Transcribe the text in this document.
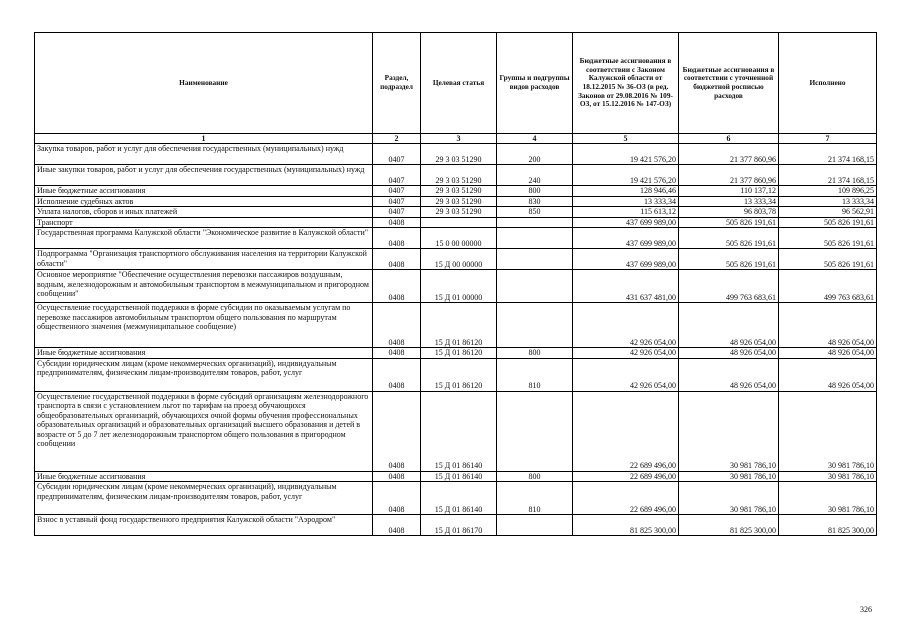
Наименование	Раздел, подраздел	Целевая статья	Группы и подгруппы видов расходов	Бюджетные ассигнования в соответствии с Законом Калужской области от 18.12.2015 № 36-ОЗ (в ред. Законов от 29.08.2016 № 109-ОЗ, от 15.12.2016 № 147-ОЗ)	Бюджетные ассигнования в соответствии с уточненной бюджетной росписью расходов	Исполнено
1	2	3	4	5	6	7
Закупка товаров, работ и услуг для обеспечения государственных (муниципальных) нужд	0407	29 3 03 51290	200	19 421 576,20	21 377 860,96	21 374 168,15
Иные закупки товаров, работ и услуг для обеспечения государственных (муниципальных) нужд	0407	29 3 03 51290	240	19 421 576,20	21 377 860,96	21 374 168,15
Иные бюджетные ассигнования	0407	29 3 03 51290	800	128 946,46	110 137,12	109 896,25
Исполнение судебных актов	0407	29 3 03 51290	830	13 333,34	13 333,34	13 333,34
Уплата налогов, сборов и иных платежей	0407	29 3 03 51290	850	115 613,12	96 803,78	96 562,91
Транспорт	0408			437 699 989,00	505 826 191,61	505 826 191,61
Государственная программа Калужской области "Экономическое развитие в Калужской области"	0408	15 0 00 00000		437 699 989,00	505 826 191,61	505 826 191,61
Подпрограмма "Организация транспортного обслуживания населения на территории Калужской области"	0408	15 Д 00 00000		437 699 989,00	505 826 191,61	505 826 191,61
Основное мероприятие "Обеспечение осуществления перевозки пассажиров воздушным, водным, железнодорожным и автомобильным транспортом в межмуниципальном и пригородном сообщении"	0408	15 Д 01 00000		431 637 481,00	499 763 683,61	499 763 683,61
Осуществление государственной поддержки в форме субсидии по оказываемым услугам по перевозке пассажиров автомобильным транспортом общего пользования по маршрутам общественного значения (межмуниципальное сообщение)	0408	15 Д 01 86120		42 926 054,00	48 926 054,00	48 926 054,00
Иные бюджетные ассигнования	0408	15 Д 01 86120	800	42 926 054,00	48 926 054,00	48 926 054,00
Субсидии юридическим лицам (кроме некоммерческих организаций), индивидуальным предпринимателям, физическим лицам-производителям товаров, работ, услуг	0408	15 Д 01 86120	810	42 926 054,00	48 926 054,00	48 926 054,00
Осуществление государственной поддержки в форме субсидий организациям железнодорожного транспорта в связи с установлением льгот по тарифам на проезд обучающихся общеобразовательных организаций, обучающихся очной формы обучения профессиональных образовательных организаций и образовательных организаций высшего образования и детей в возрасте от 5 до 7 лет железнодорожным транспортом общего пользования в пригородном сообщении	0408	15 Д 01 86140		22 689 496,00	30 981 786,10	30 981 786,10
Иные бюджетные ассигнования	0408	15 Д 01 86140	800	22 689 496,00	30 981 786,10	30 981 786,10
Субсидии юридическим лицам (кроме некоммерческих организаций), индивидуальным предпринимателям, физическим лицам-производителям товаров, работ, услуг	0408	15 Д 01 86140	810	22 689 496,00	30 981 786,10	30 981 786,10
Взнос в уставный фонд государственного предприятия Калужской области "Аэродром"	0408	15 Д 01 86170		81 825 300,00	81 825 300,00	81 825 300,00
326
